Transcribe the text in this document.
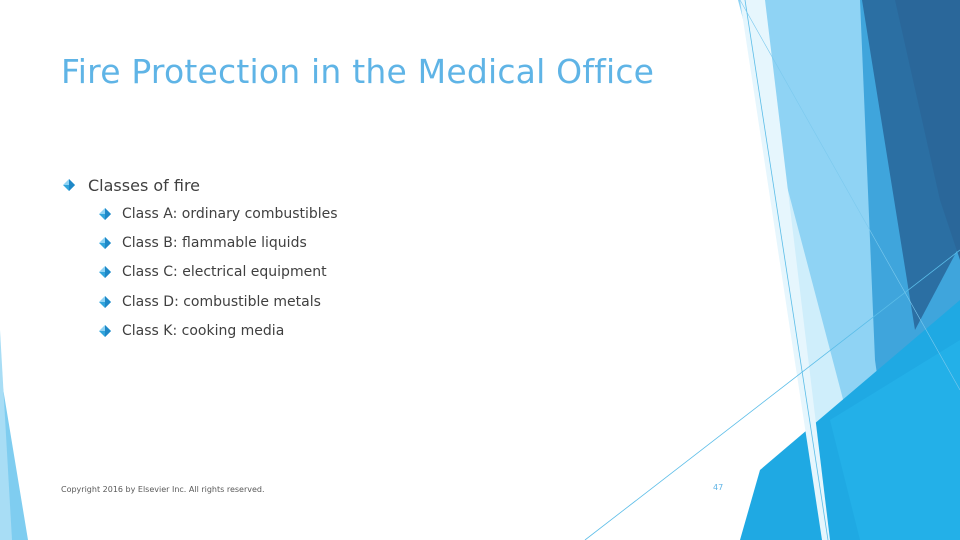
Fire Protection in the Medical Office
Classes of fire
Class A: ordinary combustibles
Class B: flammable liquids
Class C: electrical equipment
Class D: combustible metals
Class K: cooking media
Copyright 2016 by Elsevier Inc. All rights reserved.	47
